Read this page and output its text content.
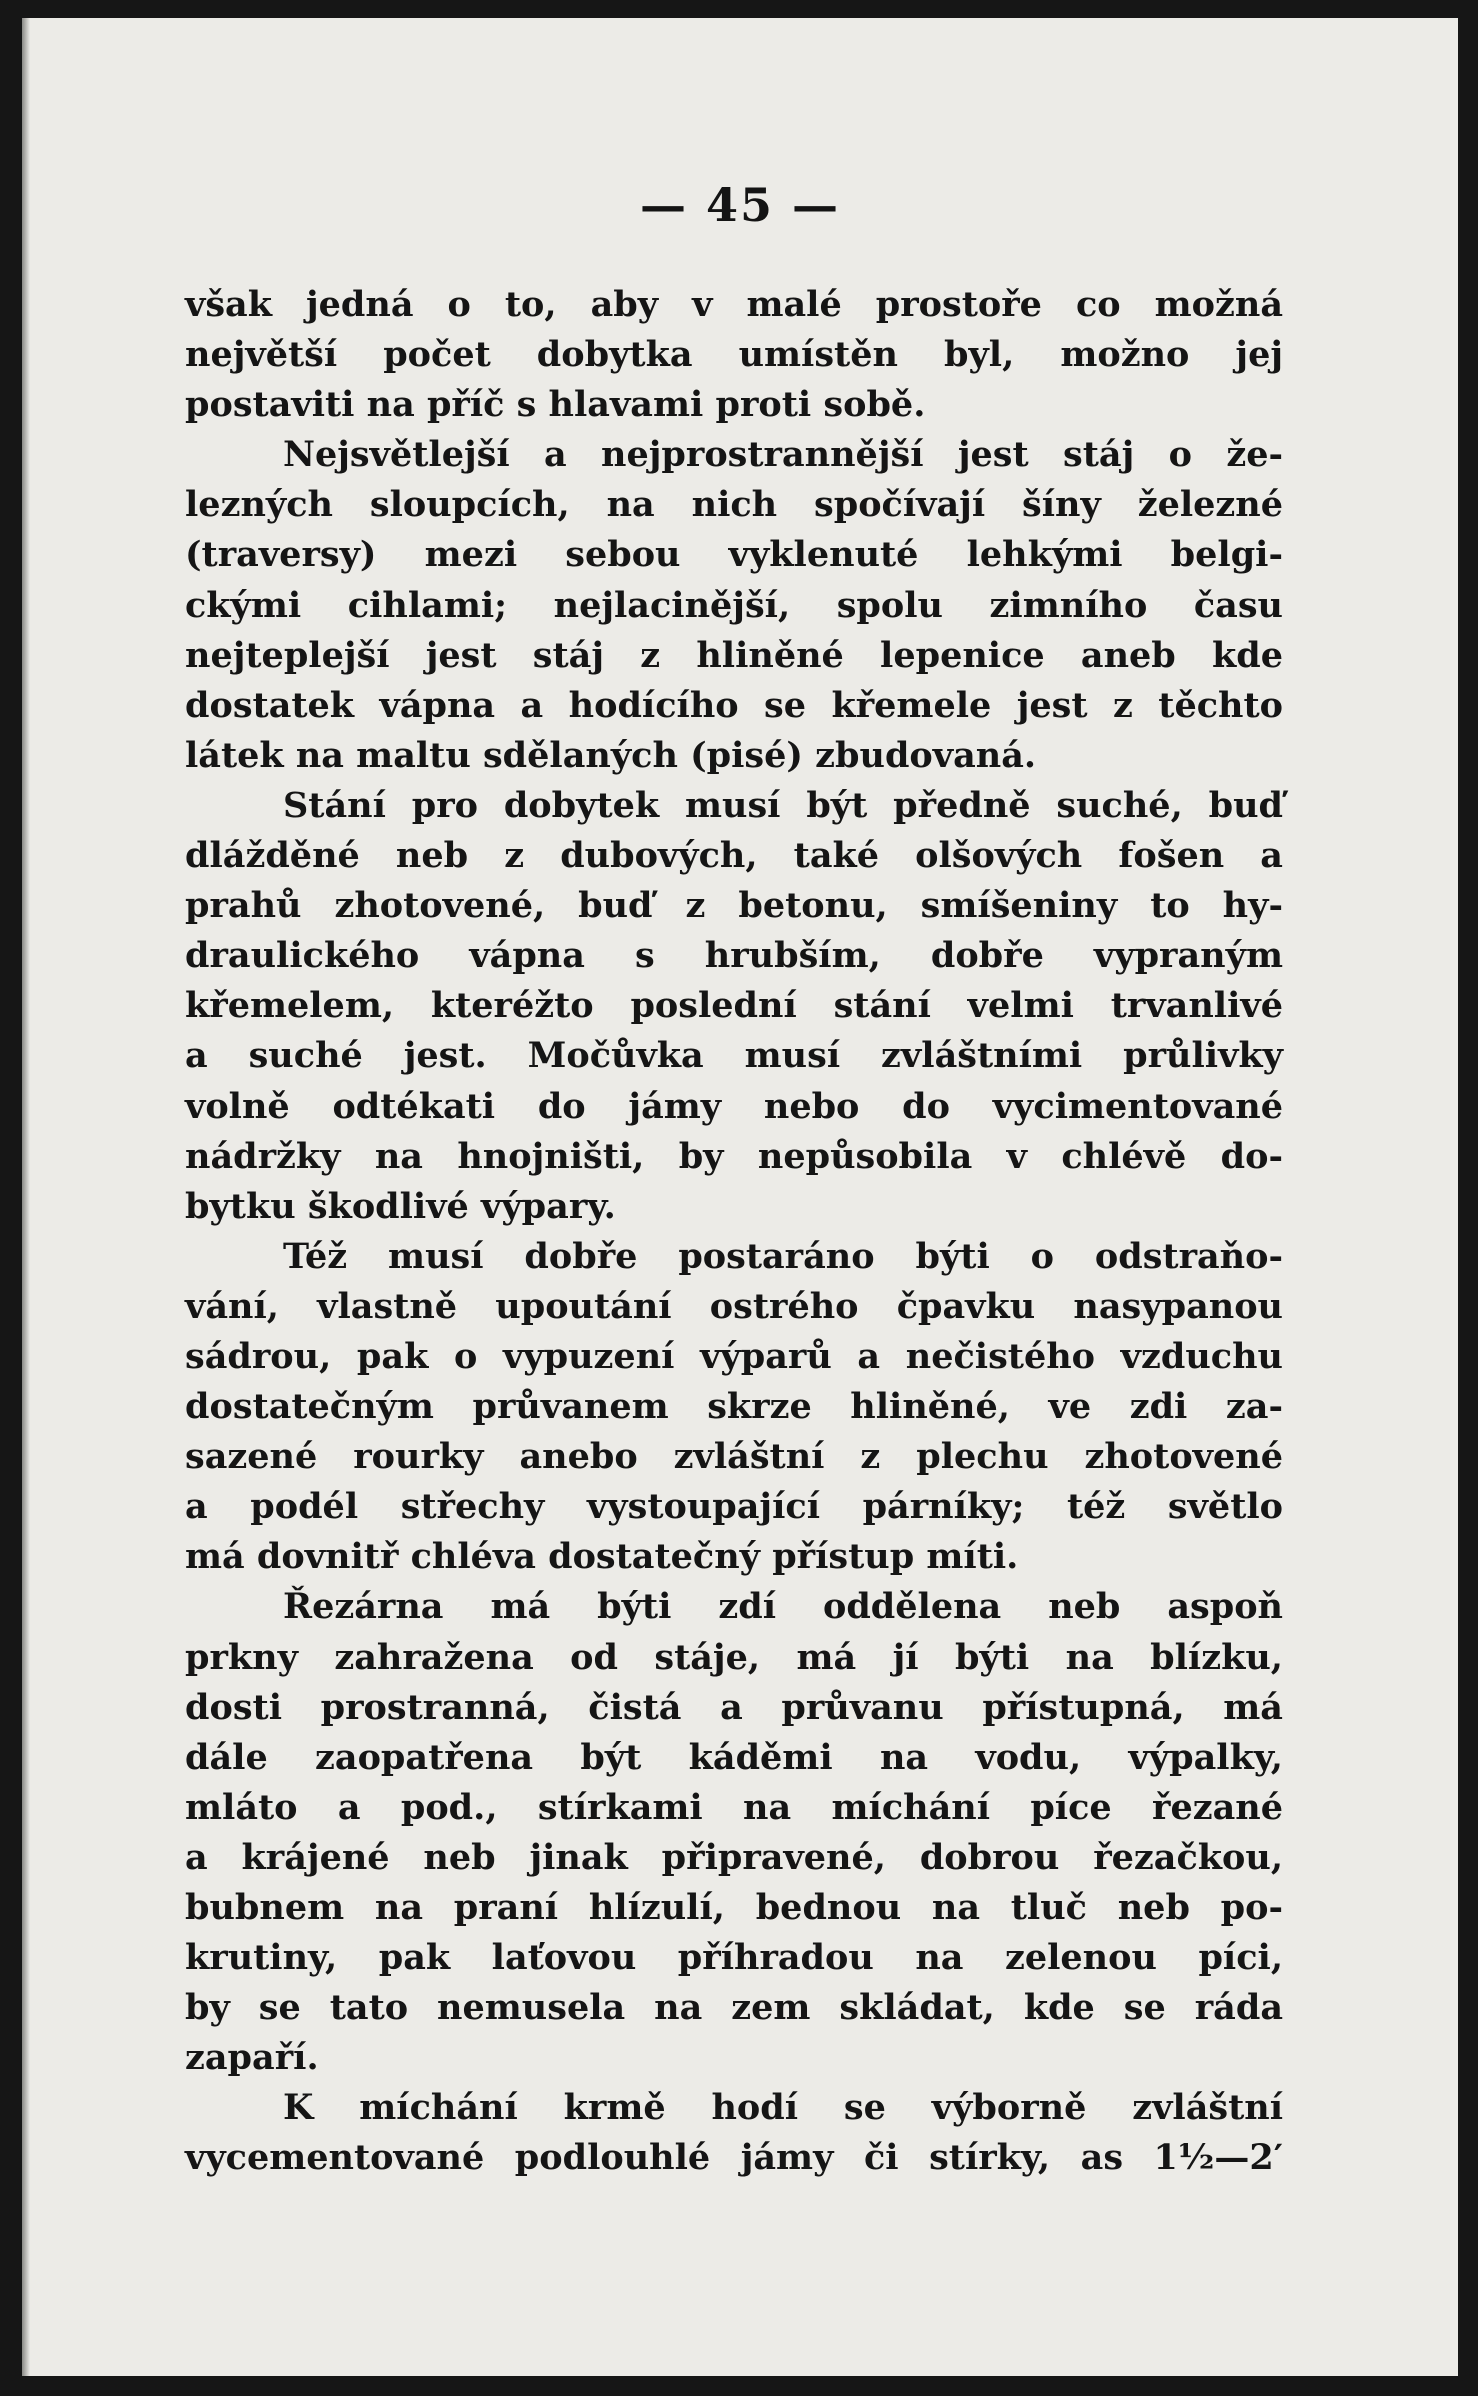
— 45 —
však jedná o to, aby v malé prostoře co možná
největší počet dobytka umístěn byl, možno jej
postaviti na příč s hlavami proti sobě.
Nejsvětlejší a nejprostrannější jest stáj o že-
lezných sloupcích, na nich spočívají šíny železné
(traversy) mezi sebou vyklenuté lehkými belgi-
ckými cihlami; nejlacinější, spolu zimního času
nejteplejší jest stáj z hliněné lepenice aneb kde
dostatek vápna a hodícího se křemele jest z těchto
látek na maltu sdělaných (pisé) zbudovaná.
Stání pro dobytek musí být předně suché, buď
dlážděné neb z dubových, také olšových fošen a
prahů zhotovené, buď z betonu, smíšeniny to hy-
draulického vápna s hrubším, dobře vypraným
křemelem, kteréžto poslední stání velmi trvanlivé
a suché jest. Močůvka musí zvláštními průlivky
volně odtékati do jámy nebo do vycimentované
nádržky na hnojništi, by nepůsobila v chlévě do-
bytku škodlivé výpary.
Též musí dobře postaráno býti o odstraňo-
vání, vlastně upoutání ostrého čpavku nasypanou
sádrou, pak o vypuzení výparů a nečistého vzduchu
dostatečným průvanem skrze hliněné, ve zdi za-
sazené rourky anebo zvláštní z plechu zhotovené
a podél střechy vystoupající párníky; též světlo
má dovnitř chléva dostatečný přístup míti.
Řezárna má býti zdí oddělena neb aspoň
prkny zahražena od stáje, má jí býti na blízku,
dosti prostranná, čistá a průvanu přístupná, má
dále zaopatřena být káděmi na vodu, výpalky,
mláto a pod., stírkami na míchání píce řezané
a krájené neb jinak připravené, dobrou řezačkou,
bubnem na praní hlízulí, bednou na tluč neb po-
krutiny, pak laťovou příhradou na zelenou píci,
by se tato nemusela na zem skládat, kde se ráda
zapaří.
K míchání krmě hodí se výborně zvláštní
vycementované podlouhlé jámy či stírky, as 1½—2′
